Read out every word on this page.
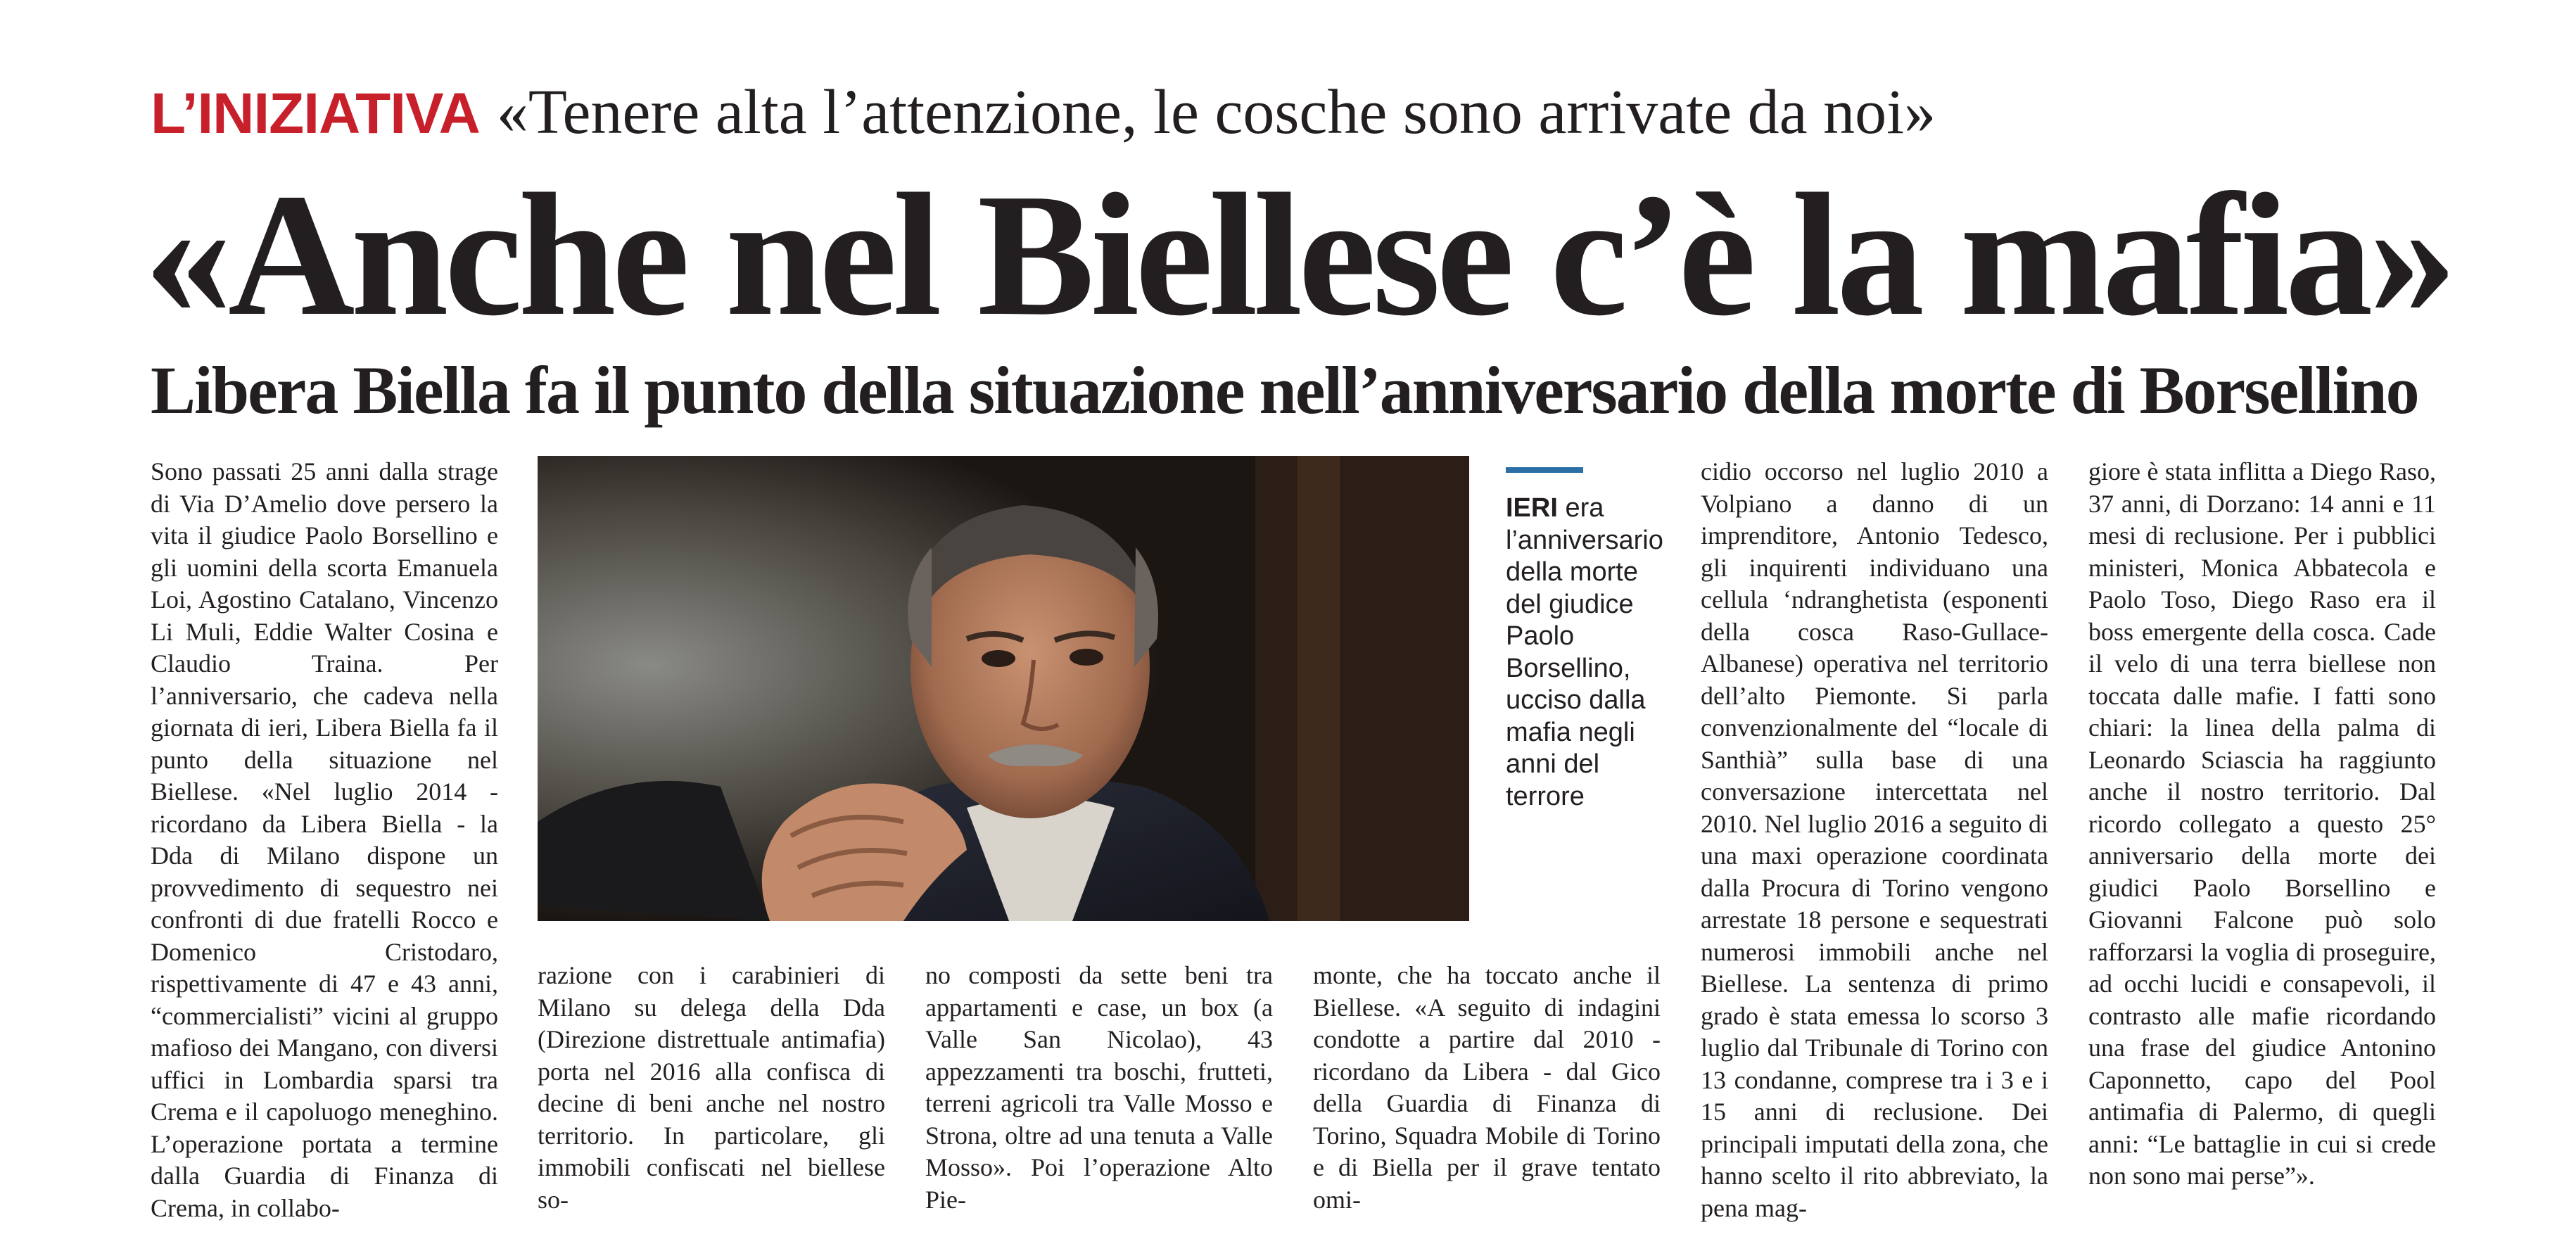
L’INIZIATIVA «Tenere alta l’attenzione, le cosche sono arrivate da noi»
«Anche nel Biellese c’è la mafia»
Libera Biella fa il punto della situazione nell’anniversario della morte di Borsellino

Sono passati 25 anni dalla strage di Via D’Amelio dove persero la vita il giudice Paolo Borsellino e gli uomini della scorta Emanuela Loi, Agostino Catalano, Vincenzo Li Muli, Eddie Walter Cosina e Claudio Traina. Per l’anniversario, che cadeva nella giornata di ieri, Libera Biella fa il punto della situazione nel Biellese. «Nel luglio 2014 - ricordano da Libera Biella - la Dda di Milano dispone un provvedimento di sequestro nei confronti di due fratelli Rocco e Domenico Cristodaro, rispettivamente di 47 e 43 anni, “commercialisti” vicini al gruppo mafioso dei Mangano, con diversi uffici in Lombardia sparsi tra Crema e il capoluogo meneghino. L’operazione portata a termine dalla Guardia di Finanza di Crema, in collabo-

IERI era l’anniversario della morte del giudice Paolo Borsellino, ucciso dalla mafia negli anni del terrore

razione con i carabinieri di Milano su delega della Dda (Direzione distrettuale antimafia) porta nel 2016 alla confisca di decine di beni anche nel nostro territorio. In particolare, gli immobili confiscati nel biellese so-

no composti da sette beni tra appartamenti e case, un box (a Valle San Nicolao), 43 appezzamenti tra boschi, frutteti, terreni agricoli tra Valle Mosso e Strona, oltre ad una tenuta a Valle Mosso». Poi l’operazione Alto Pie-

monte, che ha toccato anche il Biellese. «A seguito di indagini condotte a partire dal 2010 - ricordano da Libera - dal Gico della Guardia di Finanza di Torino, Squadra Mobile di Torino e di Biella per il grave tentato omi-

cidio occorso nel luglio 2010 a Volpiano a danno di un imprenditore, Antonio Tedesco, gli inquirenti individuano una cellula ‘ndranghetista (esponenti della cosca Raso-Gullace-Albanese) operativa nel territorio dell’alto Piemonte. Si parla convenzionalmente del “locale di Santhià” sulla base di una conversazione intercettata nel 2010. Nel luglio 2016 a seguito di una maxi operazione coordinata dalla Procura di Torino vengono arrestate 18 persone e sequestrati numerosi immobili anche nel Biellese. La sentenza di primo grado è stata emessa lo scorso 3 luglio dal Tribunale di Torino con 13 condanne, comprese tra i 3 e i 15 anni di reclusione. Dei principali imputati della zona, che hanno scelto il rito abbreviato, la pena mag-

giore è stata inflitta a Diego Raso, 37 anni, di Dorzano: 14 anni e 11 mesi di reclusione. Per i pubblici ministeri, Monica Abbatecola e Paolo Toso, Diego Raso era il boss emergente della cosca. Cade il velo di una terra biellese non toccata dalle mafie. I fatti sono chiari: la linea della palma di Leonardo Sciascia ha raggiunto anche il nostro territorio. Dal ricordo collegato a questo 25° anniversario della morte dei giudici Paolo Borsellino e Giovanni Falcone può solo rafforzarsi la voglia di proseguire, ad occhi lucidi e consapevoli, il contrasto alle mafie ricordando una frase del giudice Antonino Caponnetto, capo del Pool antimafia di Palermo, di quegli anni: “Le battaglie in cui si crede non sono mai perse”».
